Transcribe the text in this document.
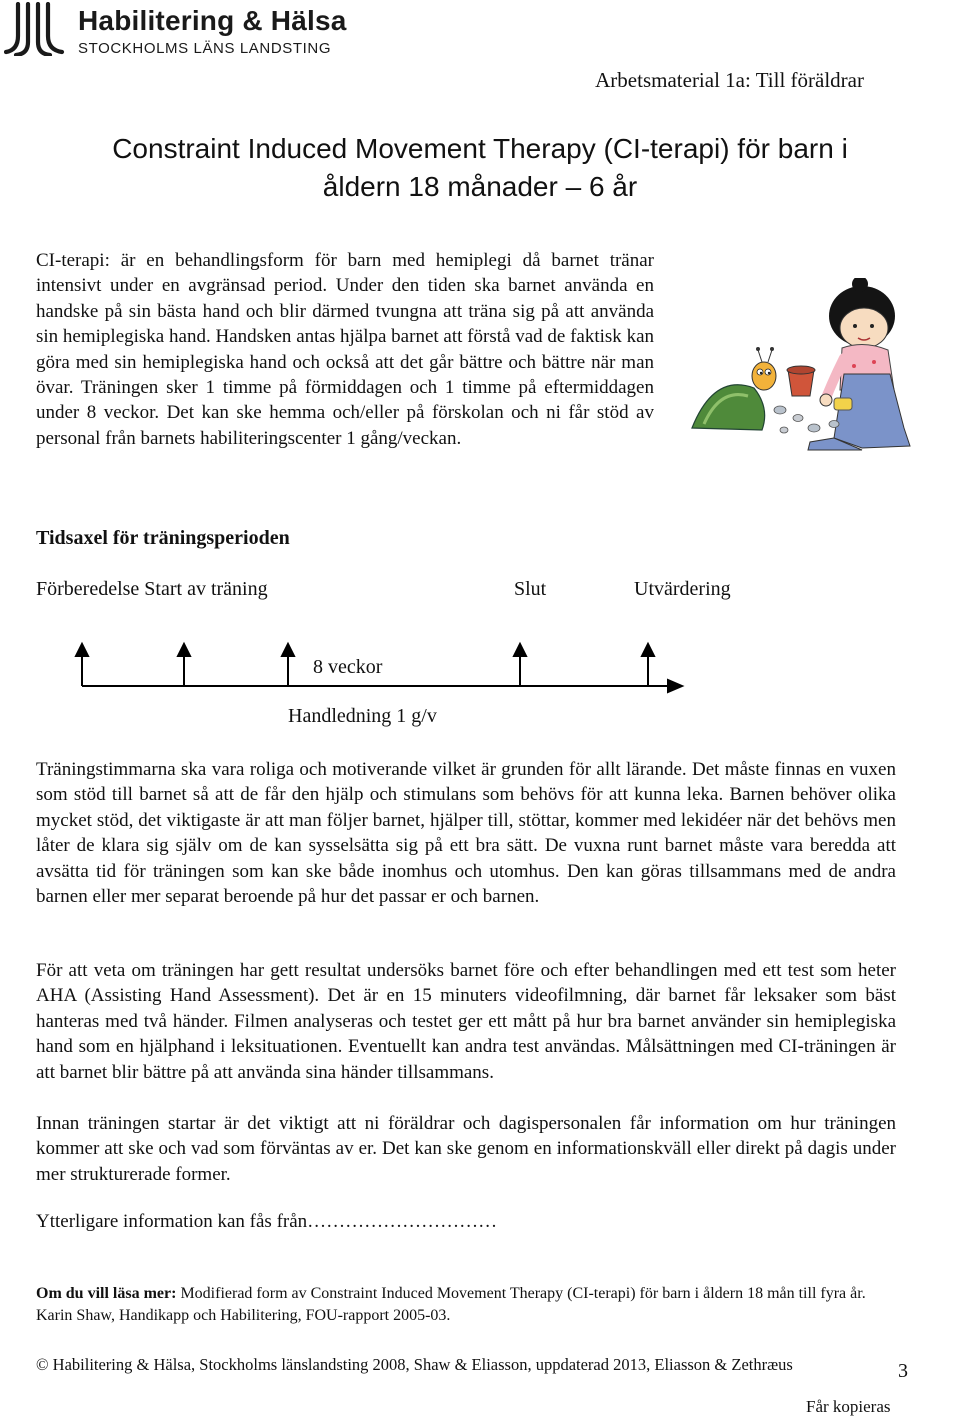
Habilitering & Hälsa
STOCKHOLMS LÄNS LANDSTING
Arbetsmaterial 1a: Till föräldrar
Constraint Induced Movement Therapy (CI-terapi) för barn i
åldern 18 månader – 6 år
CI-terapi: är en behandlingsform för barn med hemiplegi då barnet tränar intensivt under en avgränsad period. Under den tiden ska barnet använda en handske på sin bästa hand och blir därmed tvungna att träna sig på att använda sin hemiplegiska hand. Handsken antas hjälpa barnet att förstå vad de faktisk kan göra med sin hemiplegiska hand och också att det går bättre och bättre när man övar. Träningen sker 1 timme på förmiddagen och 1 timme på eftermiddagen under 8 veckor. Det kan ske hemma och/eller på förskolan och ni får stöd av personal från barnets habiliteringscenter 1 gång/veckan.
Tidsaxel för träningsperioden
Förberedelse Start av träning	Slut	Utvärdering
8 veckor
Handledning 1 g/v
Träningstimmarna ska vara roliga och motiverande vilket är grunden för allt lärande. Det måste finnas en vuxen som stöd till barnet så att de får den hjälp och stimulans som behövs för att kunna leka. Barnen behöver olika mycket stöd, det viktigaste är att man följer barnet, hjälper till, stöttar, kommer med lekidéer när det behövs men låter de klara sig själv om de kan sysselsätta sig på ett bra sätt. De vuxna runt barnet måste vara beredda att avsätta tid för träningen som kan ske både inomhus och utomhus. Den kan göras tillsammans med de andra barnen eller mer separat beroende på hur det passar er och barnen.
För att veta om träningen har gett resultat undersöks barnet före och efter behandlingen med ett test som heter AHA (Assisting Hand Assessment). Det är en 15 minuters videofilmning, där barnet får leksaker som bäst hanteras med två händer. Filmen analyseras och testet ger ett mått på hur bra barnet använder sin hemiplegiska hand som en hjälphand i leksituationen. Eventuellt kan andra test användas. Målsättningen med CI-träningen är att barnet blir bättre på att använda sina händer tillsammans.
Innan träningen startar är det viktigt att ni föräldrar och dagispersonalen får information om hur träningen kommer att ske och vad som förväntas av er. Det kan ske genom en informationskväll eller direkt på dagis under mer strukturerade former.
Ytterligare information kan fås från…………………………
Om du vill läsa mer: Modifierad form av Constraint Induced Movement Therapy (CI-terapi) för barn i åldern 18 mån till fyra år. Karin Shaw, Handikapp och Habilitering, FOU-rapport 2005-03.
© Habilitering & Hälsa, Stockholms länslandsting 2008, Shaw & Eliasson, uppdaterad 2013, Eliasson & Zethræus	3
Får kopieras
